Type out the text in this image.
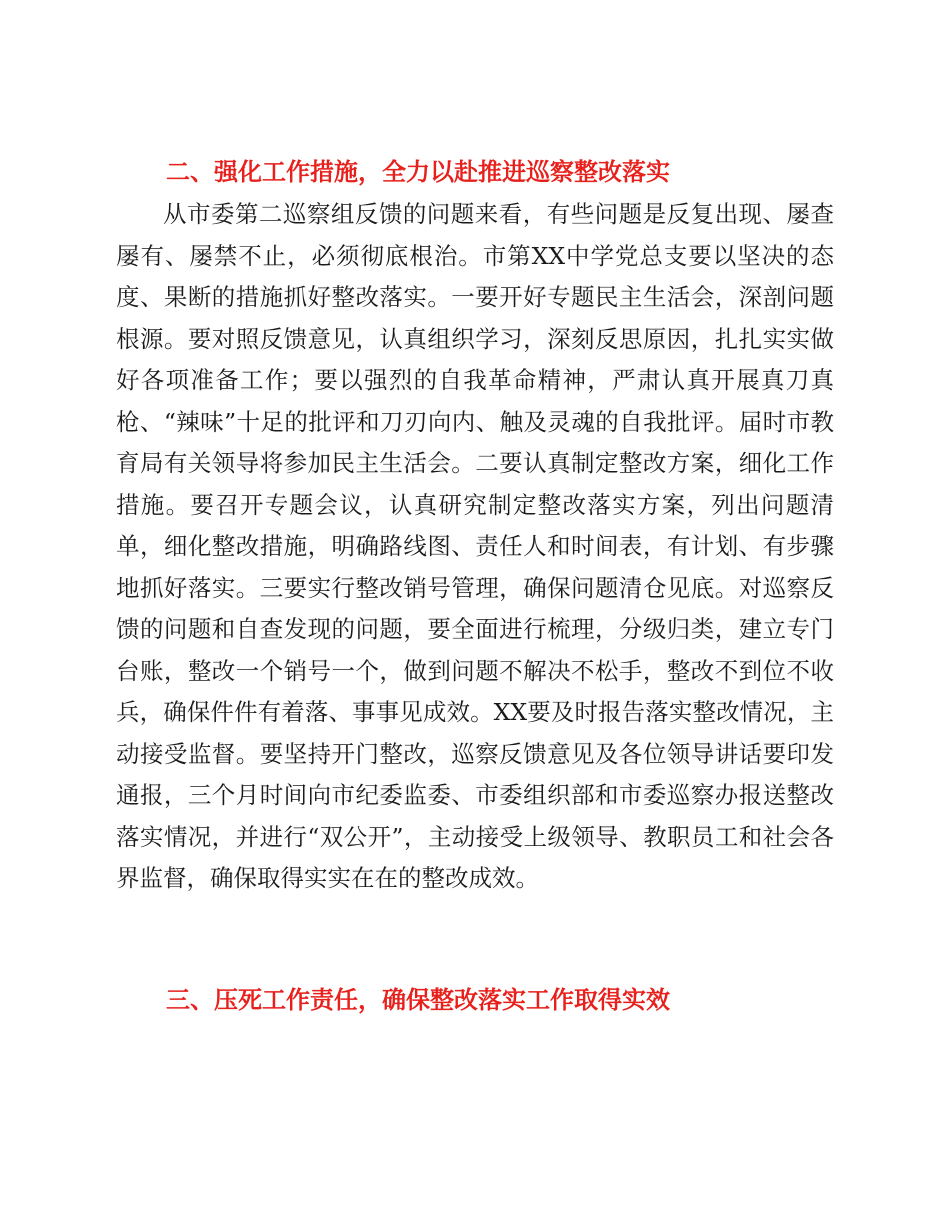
二、强化工作措施，全力以赴推进巡察整改落实

从市委第二巡察组反馈的问题来看，有些问题是反复出现、屡查屡有、屡禁不止，必须彻底根治。市第XX中学党总支要以坚决的态度、果断的措施抓好整改落实。一要开好专题民主生活会，深剖问题根源。要对照反馈意见，认真组织学习，深刻反思原因，扎扎实实做好各项准备工作；要以强烈的自我革命精神，严肃认真开展真刀真枪、“辣味”十足的批评和刀刃向内、触及灵魂的自我批评。届时市教育局有关领导将参加民主生活会。二要认真制定整改方案，细化工作措施。要召开专题会议，认真研究制定整改落实方案，列出问题清单，细化整改措施，明确路线图、责任人和时间表，有计划、有步骤地抓好落实。三要实行整改销号管理，确保问题清仓见底。对巡察反馈的问题和自查发现的问题，要全面进行梳理，分级归类，建立专门台账，整改一个销号一个，做到问题不解决不松手，整改不到位不收兵，确保件件有着落、事事见成效。XX要及时报告落实整改情况，主动接受监督。要坚持开门整改，巡察反馈意见及各位领导讲话要印发通报，三个月时间向市纪委监委、市委组织部和市委巡察办报送整改落实情况，并进行“双公开”，主动接受上级领导、教职员工和社会各界监督，确保取得实实在在的整改成效。

三、压死工作责任，确保整改落实工作取得实效
